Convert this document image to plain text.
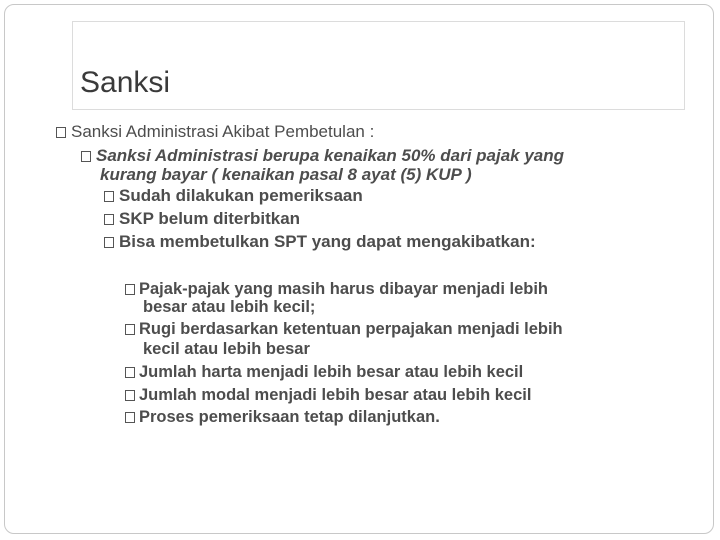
Sanksi
Sanksi Administrasi Akibat Pembetulan :
Sanksi Administrasi berupa kenaikan 50% dari pajak yang
kurang bayar ( kenaikan pasal 8 ayat (5) KUP )
Sudah dilakukan pemeriksaan
SKP belum diterbitkan
Bisa membetulkan SPT yang dapat mengakibatkan:
Pajak-pajak yang masih harus dibayar menjadi lebih
besar atau lebih kecil;
Rugi berdasarkan ketentuan perpajakan menjadi lebih
kecil atau lebih besar
Jumlah harta menjadi lebih besar atau lebih kecil
Jumlah modal menjadi lebih besar atau lebih kecil
Proses pemeriksaan tetap dilanjutkan.
